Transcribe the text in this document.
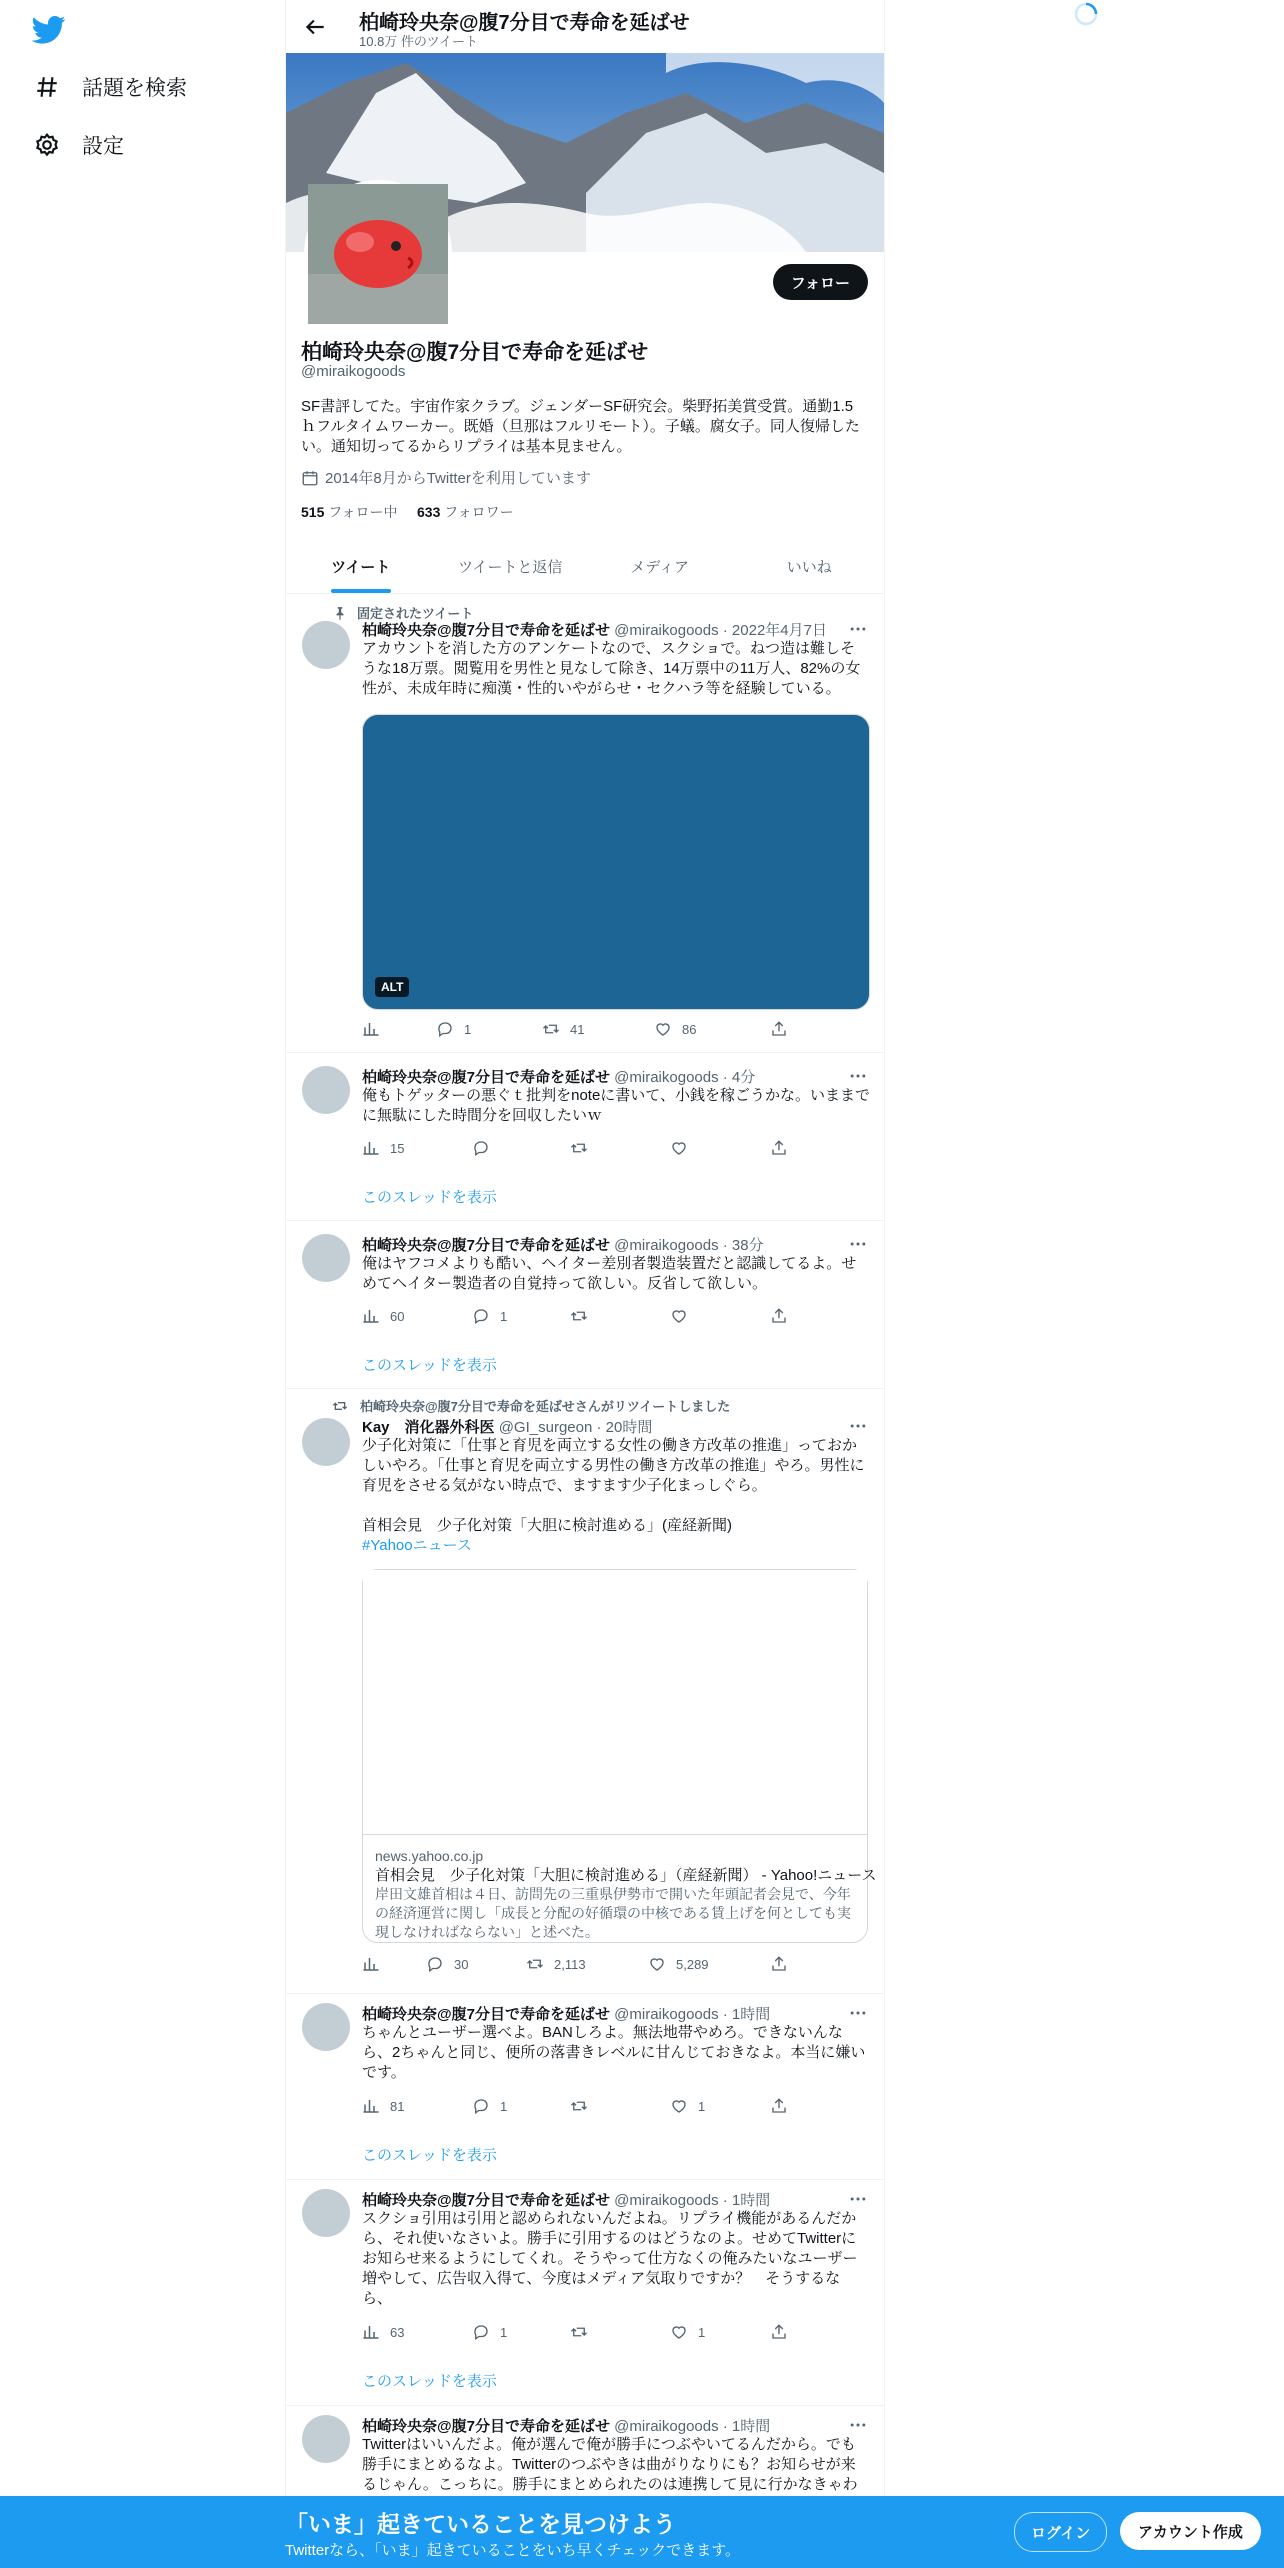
話題を検索
設定
柏崎玲央奈@腹7分目で寿命を延ばせ
10.8万 件のツイート
フォロー
柏崎玲央奈@腹7分目で寿命を延ばせ
@miraikogoods
SF書評してた。宇宙作家クラブ。ジェンダーSF研究会。柴野拓美賞受賞。通勤1.5ｈフルタイムワーカー。既婚（旦那はフルリモート）。子蟻。腐女子。同人復帰したい。通知切ってるからリプライは基本見ません。
2014年8月からTwitterを利用しています
515 フォロー中 633 フォロワー
ツイート	ツイートと返信	メディア	いいね
固定されたツイート
柏崎玲央奈@腹7分目で寿命を延ばせ @miraikogoods · 2022年4月7日
アカウントを消した方のアンケートなので、スクショで。ねつ造は難しそうな18万票。閲覧用を男性と見なして除き、14万票中の11万人、82%の女性が、未成年時に痴漢・性的いやがらせ・セクハラ等を経験している。
ALT
1	41	86
柏崎玲央奈@腹7分目で寿命を延ばせ @miraikogoods · 4分
俺もトゲッターの悪ぐｔ批判をnoteに書いて、小銭を稼ごうかな。いままでに無駄にした時間分を回収したいｗ
15
このスレッドを表示
柏崎玲央奈@腹7分目で寿命を延ばせ @miraikogoods · 38分
俺はヤフコメよりも酷い、ヘイター差別者製造装置だと認識してるよ。せめてヘイター製造者の自覚持って欲しい。反省して欲しい。
60	1
このスレッドを表示
柏崎玲央奈@腹7分目で寿命を延ばせさんがリツイートしました
Kay　消化器外科医 @GI_surgeon · 20時間
少子化対策に「仕事と育児を両立する女性の働き方改革の推進」っておかしいやろ。「仕事と育児を両立する男性の働き方改革の推進」やろ。男性に育児をさせる気がない時点で、ますます少子化まっしぐら。
首相会見　少子化対策「大胆に検討進める」(産経新聞)
#Yahooニュース
news.yahoo.co.jp
首相会見　少子化対策「大胆に検討進める」（産経新聞） - Yahoo!ニュース
岸田文雄首相は４日、訪問先の三重県伊勢市で開いた年頭記者会見で、今年の経済運営に関し「成長と分配の好循環の中核である賃上げを何としても実現しなければならない」と述べた。
30	2,113	5,289
柏崎玲央奈@腹7分目で寿命を延ばせ @miraikogoods · 1時間
ちゃんとユーザー選べよ。BANしろよ。無法地帯やめろ。できないんなら、2ちゃんと同じ、便所の落書きレベルに甘んじておきなよ。本当に嫌いです。
81	1	1
このスレッドを表示
柏崎玲央奈@腹7分目で寿命を延ばせ @miraikogoods · 1時間
スクショ引用は引用と認められないんだよね。リプライ機能があるんだから、それ使いなさいよ。勝手に引用するのはどうなのよ。せめてTwitterにお知らせ来るようにしてくれ。そうやって仕方なくの俺みたいなユーザー増やして、広告収入得て、今度はメディア気取りですか？　そうするなら、
63	1	1
このスレッドを表示
柏崎玲央奈@腹7分目で寿命を延ばせ @miraikogoods · 1時間
Twitterはいいんだよ。俺が選んで俺が勝手につぶやいてるんだから。でも勝手にまとめるなよ。Twitterのつぶやきは曲がりなりにも？お知らせが来るじゃん。こっちに。勝手にまとめられたのは連携して見に行かなきゃわ
「いま」起きていることを見つけよう
Twitterなら、「いま」起きていることをいち早くチェックできます。
ログイン	アカウント作成
